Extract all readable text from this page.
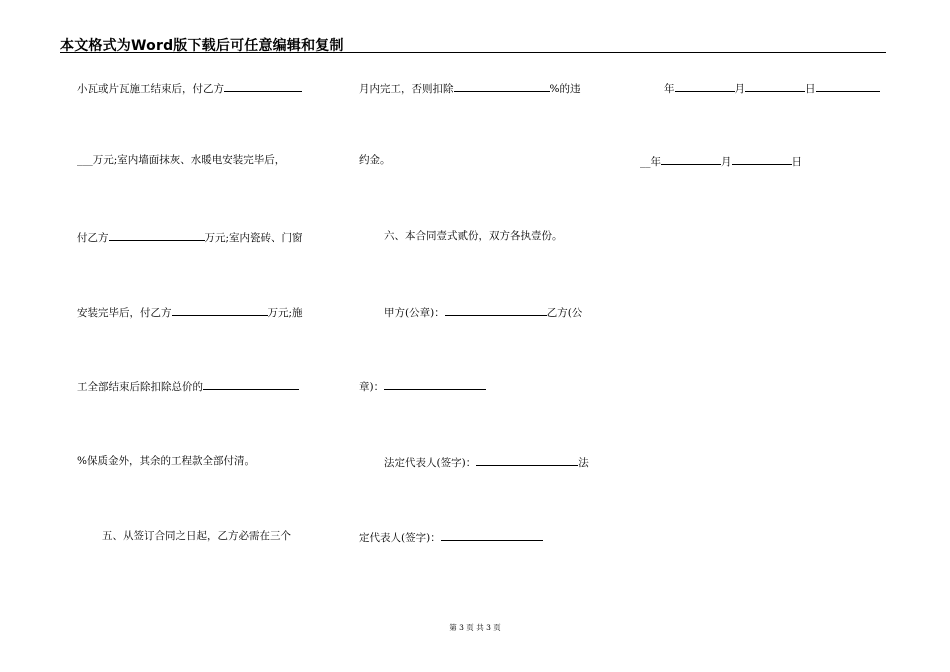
本文格式为Word版下载后可任意编辑和复制
小瓦或片瓦施工结束后，付乙方
___万元;室内墙面抹灰、水暖电安装完毕后，
付乙方	万元;室内瓷砖、门窗
安装完毕后，付乙方	万元;施
工全部结束后除扣除总价的
%保质金外，其余的工程款全部付清。
五、从签订合同之日起，乙方必需在三个
月内完工，否则扣除	%的违
约金。
六、本合同壹式贰份，双方各执壹份。
甲方(公章)：	乙方(公
章)：
法定代表人(签字)：	法
定代表人(签字)：
年	月	日
__年	月	日
第 3 页 共 3 页
